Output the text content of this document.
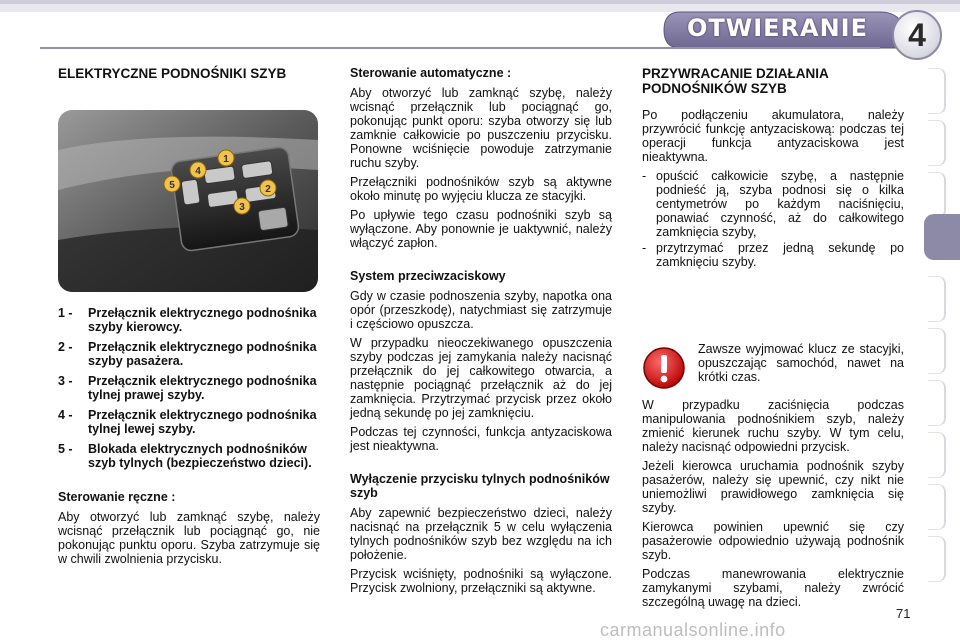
OTWIERANIE	4
ELEKTRYCZNE PODNOŚNIKI SZYB
1
2
3
4
5
1 -	Przełącznik elektrycznego podnośnika szyby kierowcy.
2 -	Przełącznik elektrycznego podnośnika szyby pasażera.
3 -	Przełącznik elektrycznego podnośnika tylnej prawej szyby.
4 -	Przełącznik elektrycznego podnośnika tylnej lewej szyby.
5 -	Blokada elektrycznych podnośników szyb tylnych (bezpieczeństwo dzieci).
Sterowanie ręczne :

Aby otworzyć lub zamknąć szybę, należy wcisnąć przełącznik lub pociągnąć go, nie pokonując punktu oporu. Szyba zatrzymuje się w chwili zwolnienia przycisku.

Sterowanie automatyczne :

Aby otworzyć lub zamknąć szybę, należy wcisnąć przełącznik lub pociągnąć go, pokonując punkt oporu: szyba otworzy się lub zamknie całkowicie po puszczeniu przycisku. Ponowne wciśnięcie powoduje zatrzymanie ruchu szyby.

Przełączniki podnośników szyb są aktywne około minutę po wyjęciu klucza ze stacyjki.

Po upływie tego czasu podnośniki szyb są wyłączone. Aby ponownie je uaktywnić, należy włączyć zapłon.

System przeciwzaciskowy

Gdy w czasie podnoszenia szyby, napotka ona opór (przeszkodę), natychmiast się zatrzymuje i częściowo opuszcza.

W przypadku nieoczekiwanego opuszczenia szyby podczas jej zamykania należy nacisnąć przełącznik do jej całkowitego otwarcia, a następnie pociągnąć przełącznik aż do jej zamknięcia. Przytrzymać przycisk przez około jedną sekundę po jej zamknięciu.

Podczas tej czynności, funkcja antyzaciskowa jest nieaktywna.

Wyłączenie przycisku tylnych podnośników szyb

Aby zapewnić bezpieczeństwo dzieci, należy nacisnąć na przełącznik 5 w celu wyłączenia tylnych podnośników szyb bez względu na ich położenie.

Przycisk wciśnięty, podnośniki są wyłączone. Przycisk zwolniony, przełączniki są aktywne.

PRZYWRACANIE DZIAŁANIA PODNOŚNIKÓW SZYB

Po podłączeniu akumulatora, należy przywrócić funkcję antyzaciskową: podczas tej operacji funkcja antyzaciskowa jest nieaktywna.

- opuścić całkowicie szybę, a następnie podnieść ją, szyba podnosi się o kilka centymetrów po każdym naciśnięciu, ponawiać czynność, aż do całkowitego zamknięcia szyby,
- przytrzymać przez jedną sekundę po zamknięciu szyby.

Zawsze wyjmować klucz ze stacyjki, opuszczając samochód, nawet na krótki czas.

W przypadku zaciśnięcia podczas manipulowania podnośnikiem szyb, należy zmienić kierunek ruchu szyby. W tym celu, należy nacisnąć odpowiedni przycisk.

Jeżeli kierowca uruchamia podnośnik szyby pasażerów, należy się upewnić, czy nikt nie uniemożliwi prawidłowego zamknięcia się szyby.

Kierowca powinien upewnić się czy pasażerowie odpowiednio używają podnośnik szyb.

Podczas manewrowania elektrycznie zamykanymi szybami, należy zwrócić szczególną uwagę na dzieci.

71
carmanualsonline.info
